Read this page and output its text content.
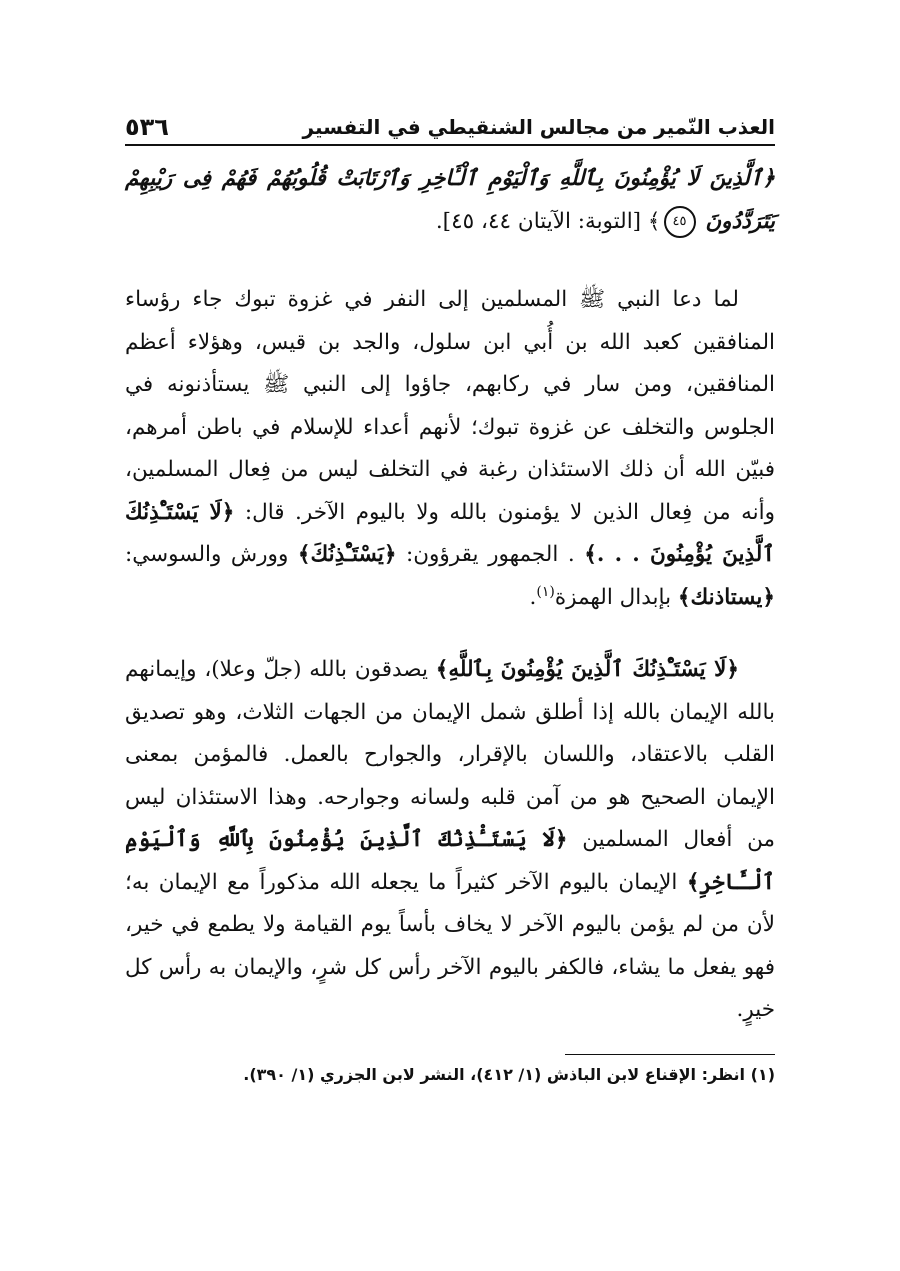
العذب النّمير من مجالس الشنقيطي في التفسير
٥٣٦

﴿ٱلَّذِينَ لَا يُؤْمِنُونَ بِٱللَّهِ وَٱلْيَوْمِ ٱلْـَٔاخِرِ وَٱرْتَابَتْ قُلُوبُهُمْ فَهُمْ فِى رَيْبِهِمْ يَتَرَدَّدُونَ ٤٥﴾ [التوبة: الآيتان ٤٤، ٤٥].

لما دعا النبي ﷺ المسلمين إلى النفر في غزوة تبوك جاء رؤساء المنافقين كعبد الله بن أُبي ابن سلول، والجد بن قيس، وهؤلاء أعظم المنافقين، ومن سار في ركابهم، جاؤوا إلى النبي ﷺ يستأذنونه في الجلوس والتخلف عن غزوة تبوك؛ لأنهم أعداء للإسلام في باطن أمرهم، فبيّن الله أن ذلك الاستئذان رغبة في التخلف ليس من فِعال المسلمين، وأنه من فِعال الذين لا يؤمنون بالله ولا باليوم الآخر. قال: ﴿لَا يَسْتَـْٔذِنُكَ ٱلَّذِينَ يُؤْمِنُونَ . . .﴾ . الجمهور يقرؤون: ﴿يَسْتَـْٔذِنُكَ﴾ وورش والسوسي: ﴿يستاذنك﴾ بإبدال الهمزة$^{(١)}$.

﴿لَا يَسْتَـْٔذِنُكَ ٱلَّذِينَ يُؤْمِنُونَ بِٱللَّهِ﴾ يصدقون بالله (جلّ وعلا)، وإيمانهم بالله الإيمان بالله إذا أطلق شمل الإيمان من الجهات الثلاث، وهو تصديق القلب بالاعتقاد، واللسان بالإقرار، والجوارح بالعمل. فالمؤمن بمعنى الإيمان الصحيح هو من آمن قلبه ولسانه وجوارحه. وهذا الاستئذان ليس من أفعال المسلمين ﴿لَا يَسْتَـْٔذِنُكَ ٱلَّذِينَ يُؤْمِنُونَ بِٱللَّهِ وَٱلْيَوْمِ ٱلْـَٔاخِرِ﴾ الإيمان باليوم الآخر كثيراً ما يجعله الله مذكوراً مع الإيمان به؛ لأن من لم يؤمن باليوم الآخر لا يخاف بأساً يوم القيامة ولا يطمع في خير، فهو يفعل ما يشاء، فالكفر باليوم الآخر رأس كل شرٍ، والإيمان به رأس كل خيرٍ.

(١) انظر: الإقناع لابن الباذش (١/ ٤١٢)، النشر لابن الجزري (١/ ٣٩٠).
